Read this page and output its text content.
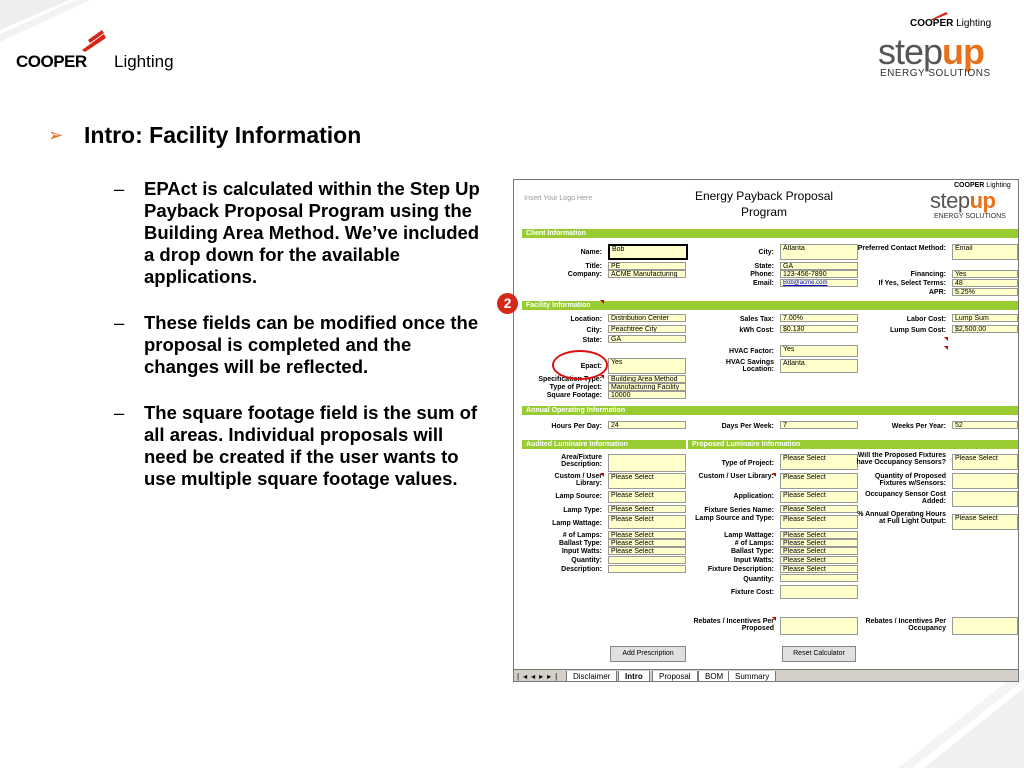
COOPER Lighting
COOPER Lighting
stepup
ENERGY SOLUTIONS
➢ Intro: Facility Information
– EPAct is calculated within the Step Up Payback Proposal Program using the Building Area Method. We’ve included a drop down for the available applications.
– These fields can be modified once the proposal is completed and the changes will be reflected.
– The square footage field is the sum of all areas. Individual proposals will need be created if the user wants to use multiple square footage values.
Insert Your Logo Here	Energy Payback Proposal Program
COOPER Lighting
stepup
ENERGY SOLUTIONS
Client Information
Name:	Bob
Title:	PE
Company:	ACME Manufacturing
City:
Atlanta
State:	GA
Phone:	123-456-7890
Email:	Bob@acme.com
Preferred Contact Method:	Email
Financing:	Yes
If Yes, Select Terms:	48
APR:	5.25%
Facility Information
Location:	Distribution Center
City:	Peachtree City
State:	GA
Epact:
Yes
Specification Type:	Building Area Method
Type of Project:	Manufacturing Facility
Square Footage:	10000
Sales Tax:	7.00%
kWh Cost:	$0.130
HVAC Factor:	Yes
HVAC Savings Location:
Atlanta
Labor Cost:	Lump Sum
Lump Sum Cost:	$2,500.00
Annual Operating Information
Hours Per Day:	24	Days Per Week:	7	Weeks Per Year:	52
Audited Luminaire Information	Proposed Luminaire Information
Area/Fixture Description:
Custom / User Library:
Please Select
Lamp Source:	Please Select
Lamp Type:	Please Select
Lamp Wattage:
Please Select
# of Lamps:	Please Select
Ballast Type:	Please Select
Input Watts:	Please Select
Quantity:
Description:
Type of Project:
Please Select
Custom / User Library:	Please Select
Application:	Please Select
Fixture Series Name:	Please Select
Lamp Source and Type:	Please Select
Lamp Wattage:	Please Select
# of Lamps:	Please Select
Ballast Type:	Please Select
Input Watts:	Please Select
Fixture Description:	Please Select
Quantity:
Fixture Cost:
Will the Proposed Fixtures have Occupancy Sensors?
Please Select
Quantity of Proposed Fixtures w/Sensors:
Occupancy Sensor Cost Added:
% Annual Operating Hours at Full Light Output:	Please Select
Rebates / Incentives Per Proposed
Rebates / Incentives Per Occupancy
Add Prescription	Reset Calculator
|◂◂▸▸|	Disclaimer	Intro	Proposal	BOM	Summary
2
